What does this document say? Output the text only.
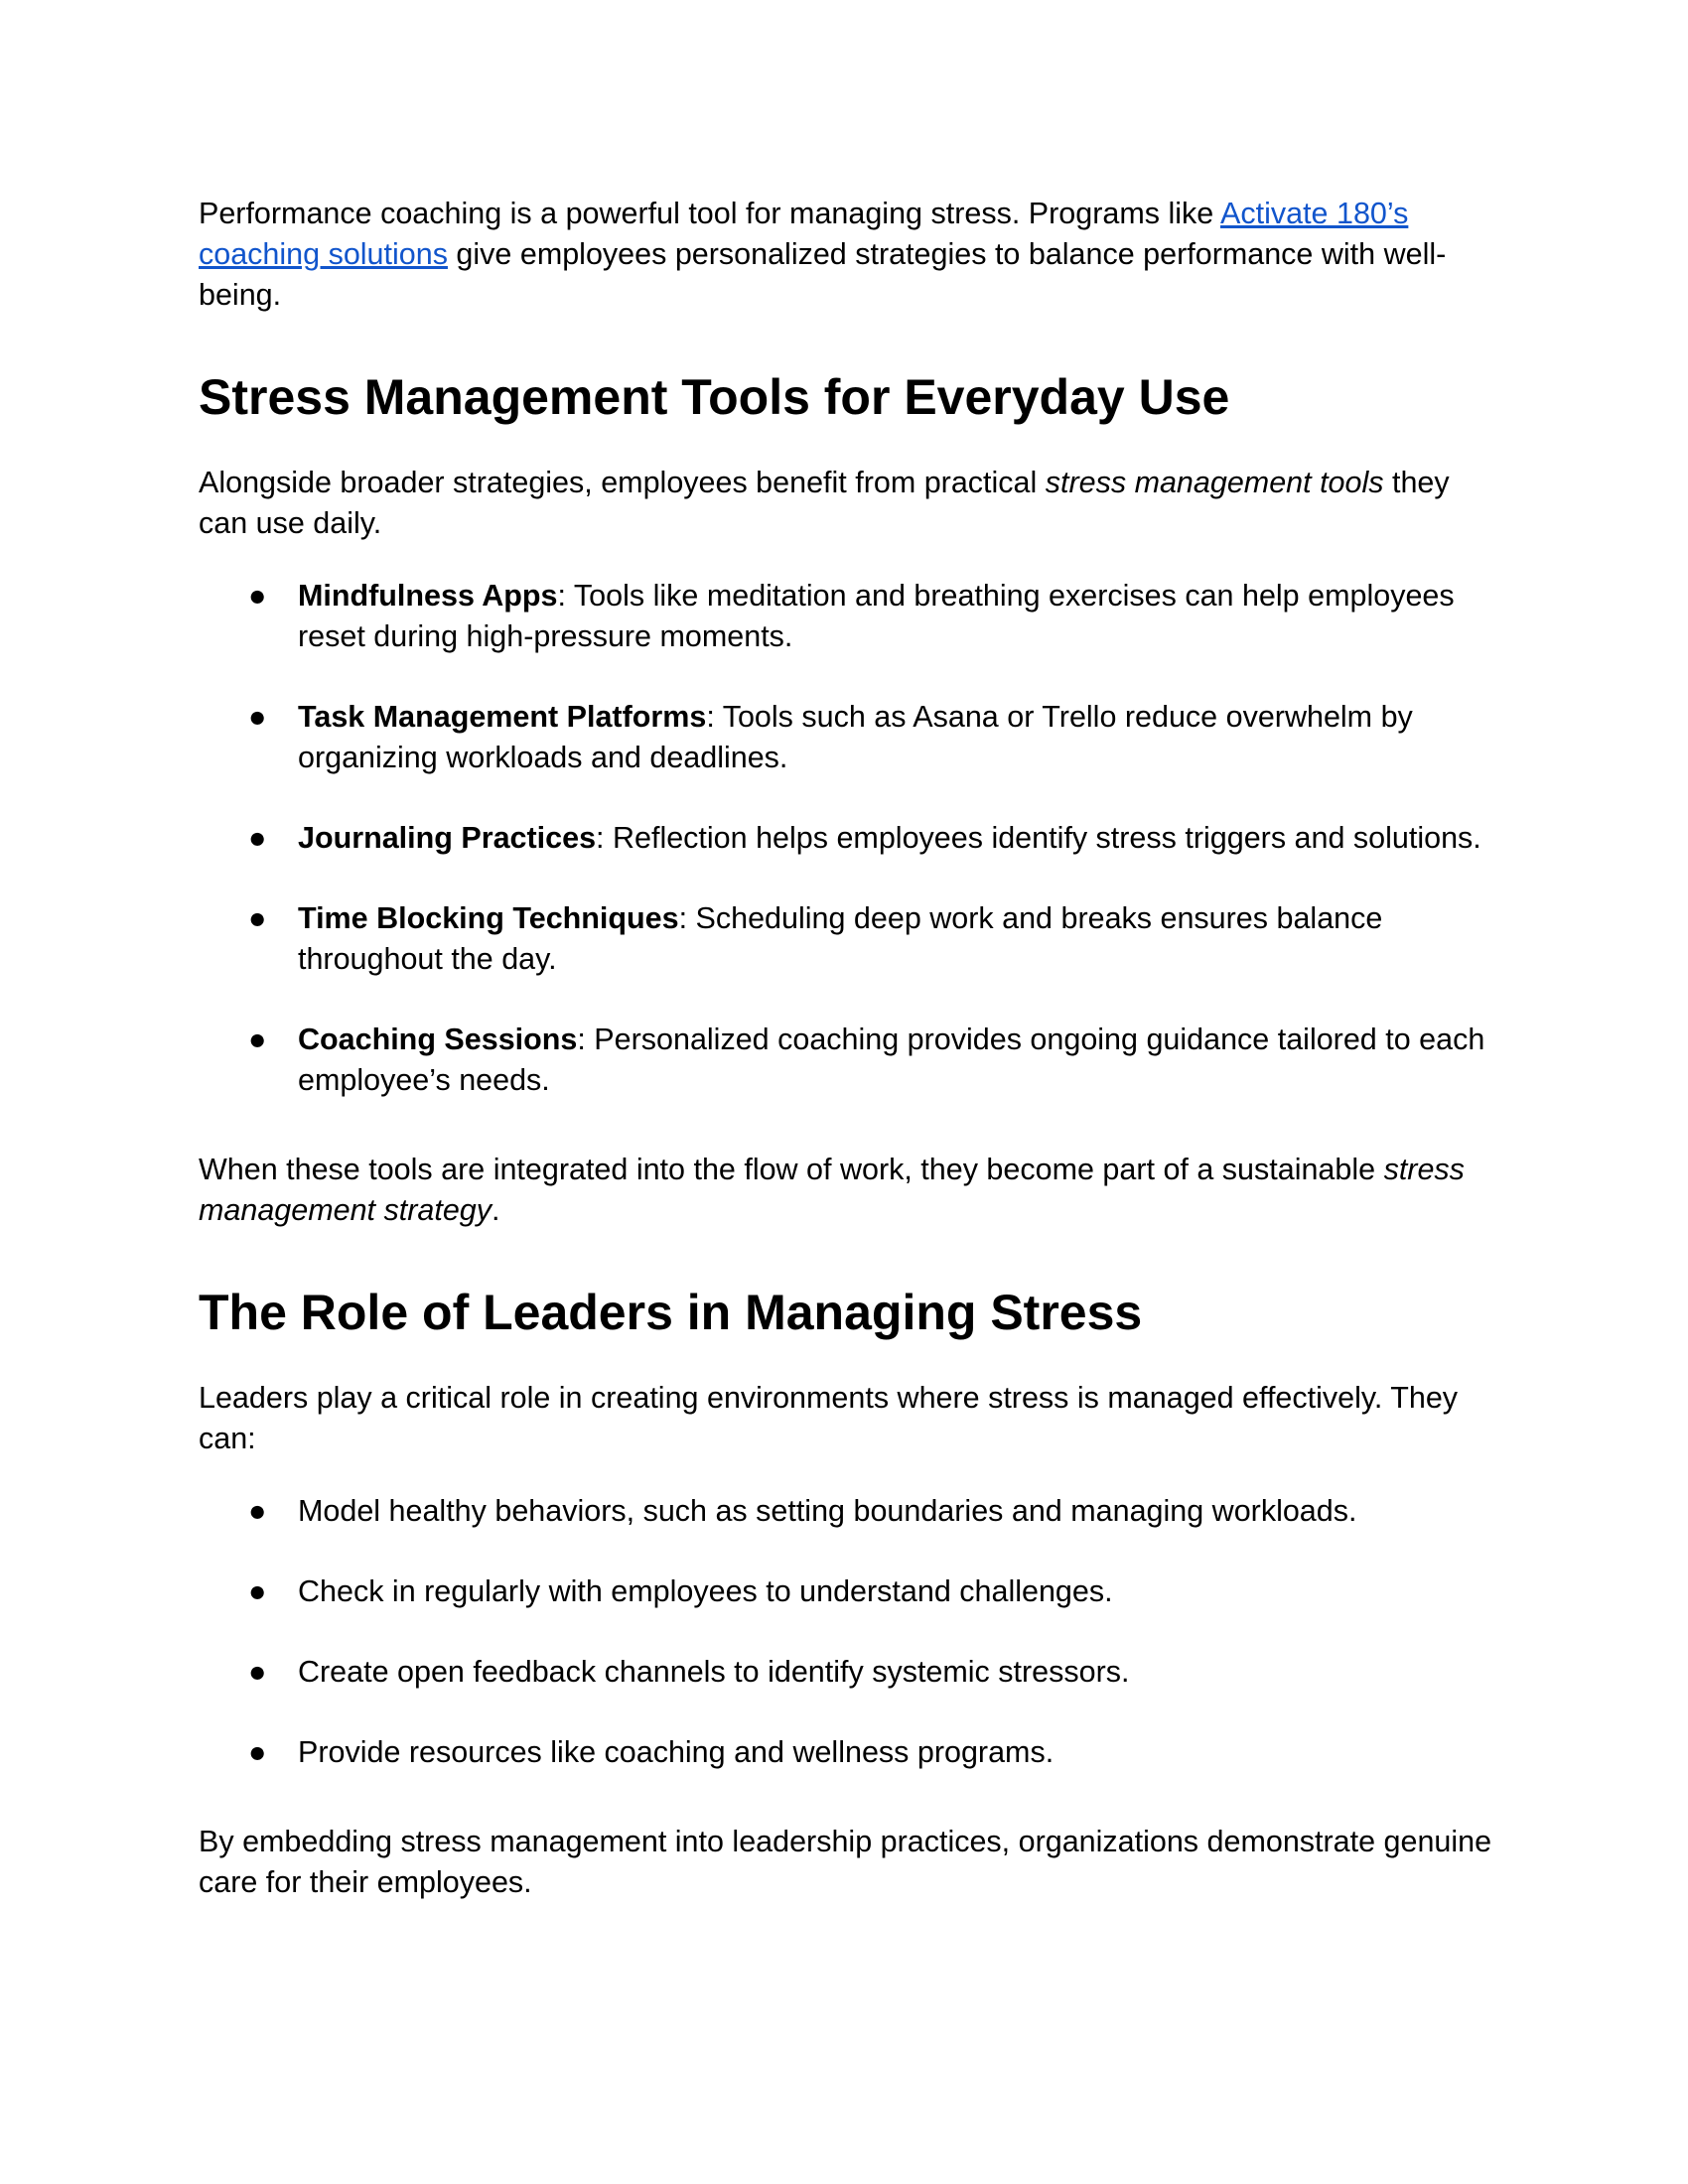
Performance coaching is a powerful tool for managing stress. Programs like Activate 180’s coaching solutions give employees personalized strategies to balance performance with well-being.

Stress Management Tools for Everyday Use

Alongside broader strategies, employees benefit from practical stress management tools they can use daily.

● Mindfulness Apps: Tools like meditation and breathing exercises can help employees reset during high-pressure moments.
● Task Management Platforms: Tools such as Asana or Trello reduce overwhelm by organizing workloads and deadlines.
● Journaling Practices: Reflection helps employees identify stress triggers and solutions.
● Time Blocking Techniques: Scheduling deep work and breaks ensures balance throughout the day.
● Coaching Sessions: Personalized coaching provides ongoing guidance tailored to each employee’s needs.

When these tools are integrated into the flow of work, they become part of a sustainable stress management strategy.

The Role of Leaders in Managing Stress

Leaders play a critical role in creating environments where stress is managed effectively. They can:

● Model healthy behaviors, such as setting boundaries and managing workloads.
● Check in regularly with employees to understand challenges.
● Create open feedback channels to identify systemic stressors.
● Provide resources like coaching and wellness programs.

By embedding stress management into leadership practices, organizations demonstrate genuine care for their employees.
